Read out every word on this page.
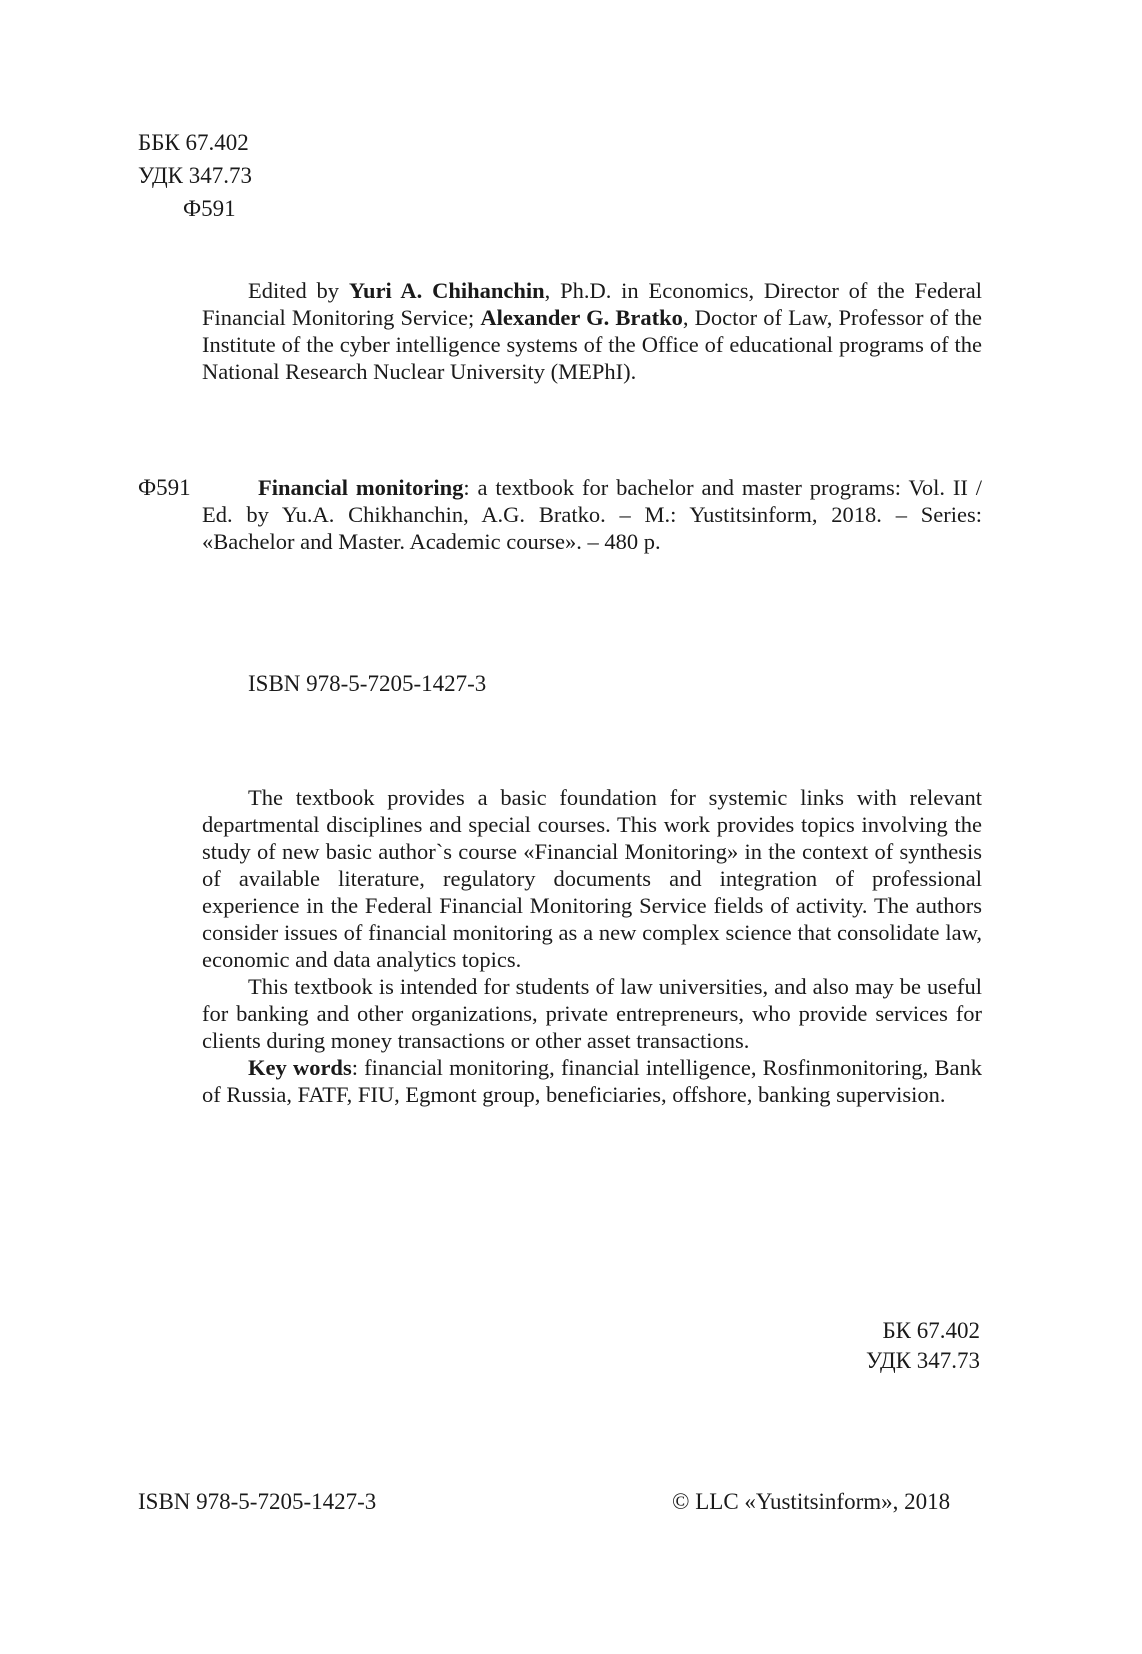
ББК 67.402
УДК 347.73
Ф591

Edited by Yuri A. Chihanchin, Ph.D. in Economics, Director of the Federal Financial Monitoring Service; Alexander G. Bratko, Doctor of Law, Professor of the Institute of the cyber intelligence systems of the Office of educational programs of the National Research Nuclear University (MEPhI).

Ф591	Financial monitoring: a textbook for bachelor and master programs: Vol. II / Ed. by Yu.A. Chikhanchin, A.G. Bratko. – M.: Yustitsinform, 2018. – Series: «Bachelor and Master. Academic course». – 480 p.

ISBN 978-5-7205-1427-3

The textbook provides a basic foundation for systemic links with relevant departmental disciplines and special courses. This work provides topics involving the study of new basic author`s course «Financial Monitoring» in the context of synthesis of available literature, regulatory documents and integration of professional experience in the Federal Financial Monitoring Service fields of activity. The authors consider issues of financial monitoring as a new complex science that consolidate law, economic and data analytics topics.

This textbook is intended for students of law universities, and also may be useful for banking and other organizations, private entrepreneurs, who provide services for clients during money transactions or other asset transactions.

Key words: financial monitoring, financial intelligence, Rosfinmonitoring, Bank of Russia, FATF, FIU, Egmont group, beneficiaries, offshore, banking supervision.

БК 67.402
УДК 347.73
ISBN 978-5-7205-1427-3	© LLC «Yustitsinform», 2018
